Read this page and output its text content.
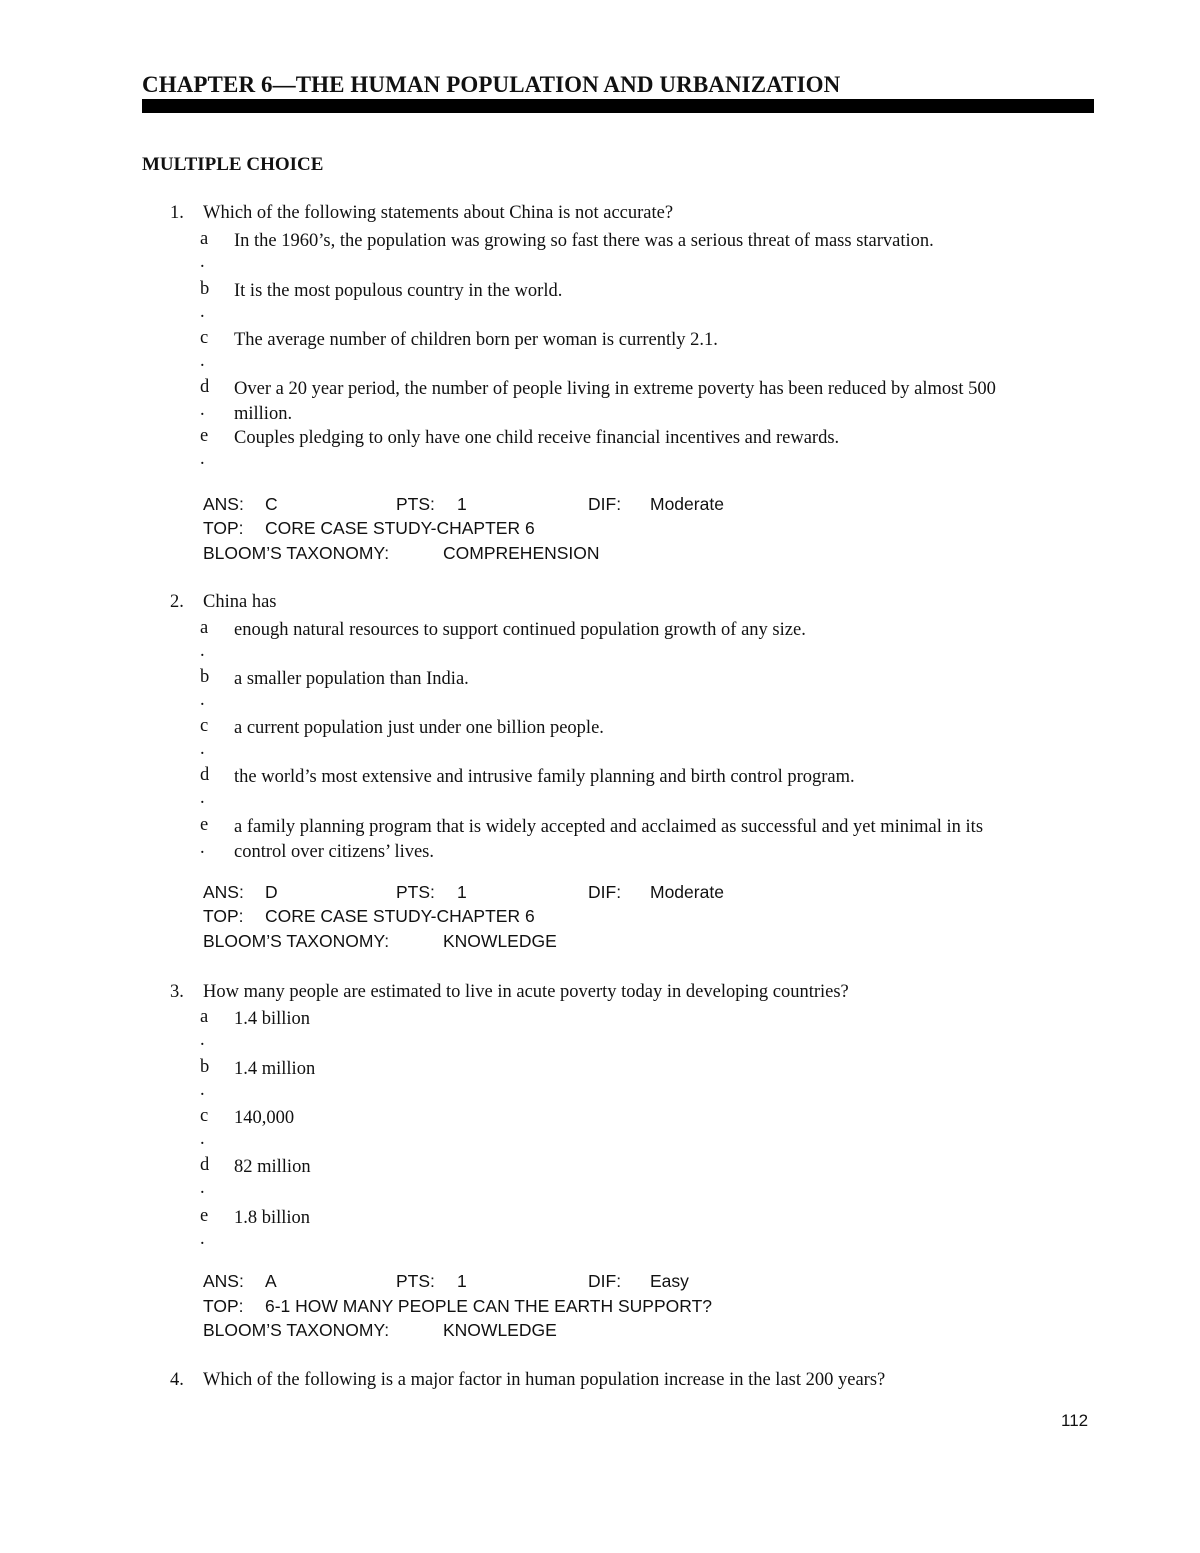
CHAPTER 6—THE HUMAN POPULATION AND URBANIZATION
MULTIPLE CHOICE
1. Which of the following statements about China is not accurate?
a
.
In the 1960’s, the population was growing so fast there was a serious threat of mass starvation.
b
.
It is the most populous country in the world.
c
.
The average number of children born per woman is currently 2.1.
d
.
Over a 20 year period, the number of people living in extreme poverty has been reduced by almost 500 million.
e
.
Couples pledging to only have one child receive financial incentives and rewards.
ANS: C	PTS: 1	DIF: Moderate
TOP: CORE CASE STUDY-CHAPTER 6
BLOOM’S TAXONOMY:	COMPREHENSION
2. China has
a
.
enough natural resources to support continued population growth of any size.
b
.
a smaller population than India.
c
.
a current population just under one billion people.
d
.
the world’s most extensive and intrusive family planning and birth control program.
e
.
a family planning program that is widely accepted and acclaimed as successful and yet minimal in its control over citizens’ lives.
ANS: D	PTS: 1	DIF: Moderate
TOP: CORE CASE STUDY-CHAPTER 6
BLOOM’S TAXONOMY:	KNOWLEDGE
3. How many people are estimated to live in acute poverty today in developing countries?
a
.
1.4 billion
b
.
1.4 million
c
.
140,000
d
.
82 million
e
.
1.8 billion
ANS: A	PTS: 1	DIF: Easy
TOP: 6-1 HOW MANY PEOPLE CAN THE EARTH SUPPORT?
BLOOM’S TAXONOMY:	KNOWLEDGE
4. Which of the following is a major factor in human population increase in the last 200 years?
112
